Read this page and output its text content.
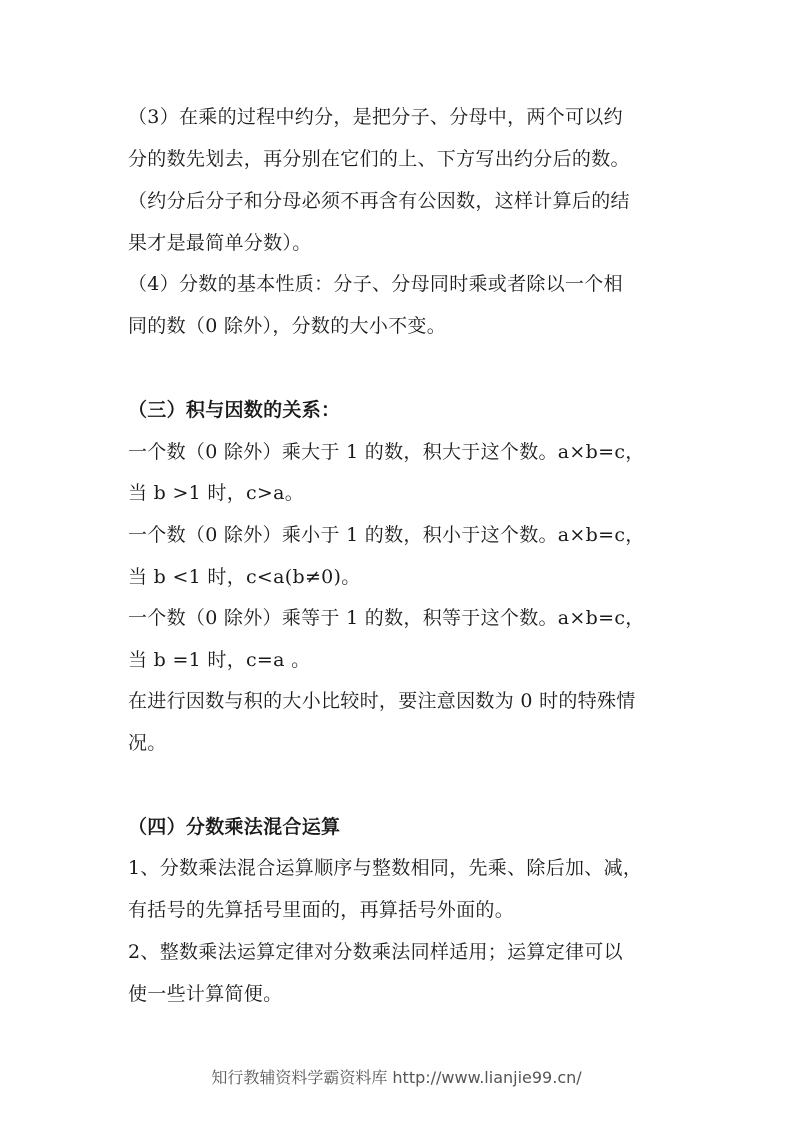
（3）在乘的过程中约分，是把分子、分母中，两个可以约
分的数先划去，再分别在它们的上、下方写出约分后的数。
（约分后分子和分母必须不再含有公因数，这样计算后的结
果才是最简单分数）。
（4）分数的基本性质：分子、分母同时乘或者除以一个相
同的数（0 除外），分数的大小不变。
（三）积与因数的关系：
一个数（0 除外）乘大于 1 的数，积大于这个数。a×b=c，
当 b >1 时，c>a。
一个数（0 除外）乘小于 1 的数，积小于这个数。a×b=c，
当 b <1 时，c<a(b≠0)。
一个数（0 除外）乘等于 1 的数，积等于这个数。a×b=c，
当 b =1 时，c=a 。
在进行因数与积的大小比较时，要注意因数为 0 时的特殊情
况。
（四）分数乘法混合运算
1、分数乘法混合运算顺序与整数相同，先乘、除后加、减，
有括号的先算括号里面的，再算括号外面的。
2、整数乘法运算定律对分数乘法同样适用；运算定律可以
使一些计算简便。
知行教辅资料学霸资料库 http://www.lianjie99.cn/
